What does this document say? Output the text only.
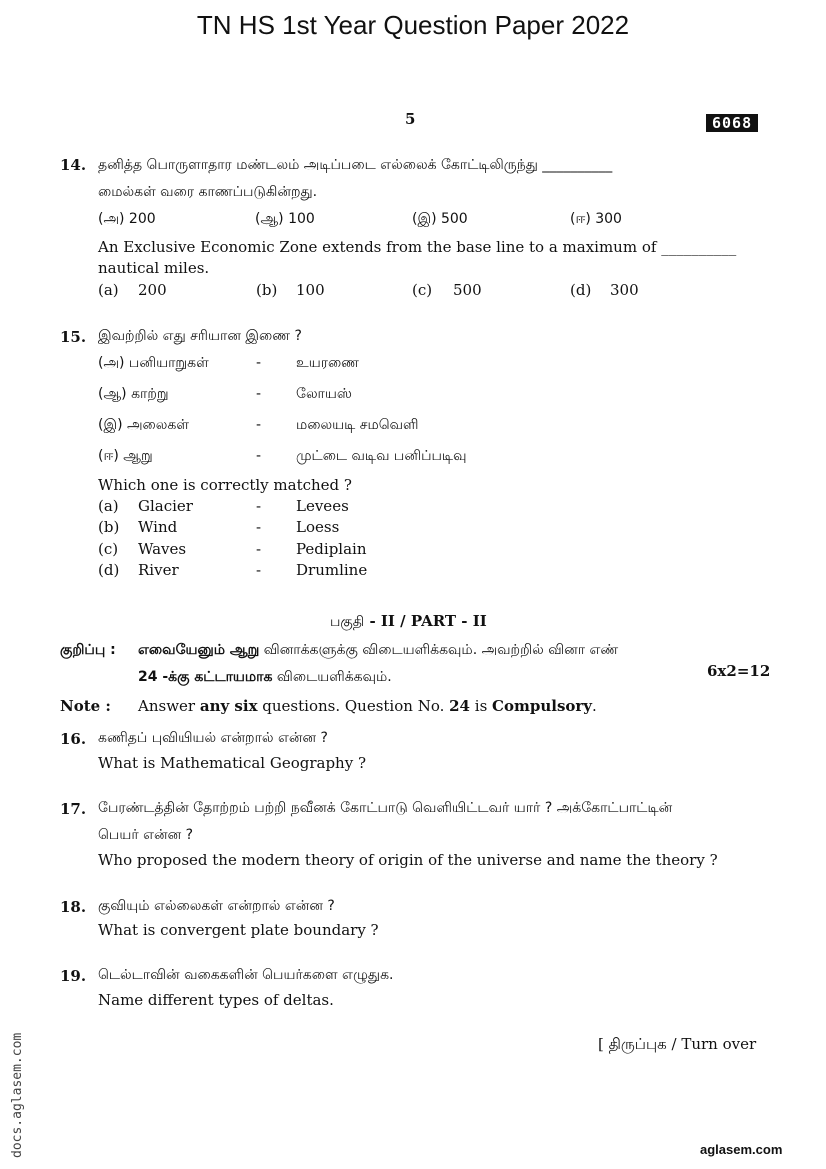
TN HS 1st Year Question Paper 2022
5	6068
14. தனித்த பொருளாதார மண்டலம் அடிப்படை எல்லைக் கோட்டிலிருந்து __________
மைல்கள் வரை காணப்படுகின்றது.
(அ) 200	(ஆ) 100	(இ) 500	(ஈ) 300
An Exclusive Economic Zone extends from the base line to a maximum of __________
nautical miles.
(a) 200	(b) 100	(c) 500	(d) 300
15. இவற்றில் எது சரியான இணை ?
(அ) பனியாறுகள்	- உயரணை
(ஆ) காற்று	- லோயஸ்
(இ) அலைகள்	- மலையடி சமவெளி
(ஈ) ஆறு	- முட்டை வடிவ பனிப்படிவு
Which one is correctly matched ?
(a) Glacier	- Levees
(b) Wind	- Loess
(c) Waves	- Pediplain
(d) River	- Drumline
பகுதி - II / PART - II
குறிப்பு : எவையேனும் ஆறு வினாக்களுக்கு விடையளிக்கவும். அவற்றில் வினா எண்
24 -க்கு கட்டாயமாக விடையளிக்கவும்.	6x2=12
Note : Answer any six questions. Question No. 24 is Compulsory.
16. கணிதப் புவியியல் என்றால் என்ன ?
What is Mathematical Geography ?
17. பேரண்டத்தின் தோற்றம் பற்றி நவீனக் கோட்பாடு வெளியிட்டவர் யார் ? அக்கோட்பாட்டின்
பெயர் என்ன ?
Who proposed the modern theory of origin of the universe and name the theory ?
18. குவியும் எல்லைகள் என்றால் என்ன ?
What is convergent plate boundary ?
19. டெல்டாவின் வகைகளின் பெயர்களை எழுதுக.
Name different types of deltas.
[ திருப்புக / Turn over
docs.aglasem.com	aglasem.com
